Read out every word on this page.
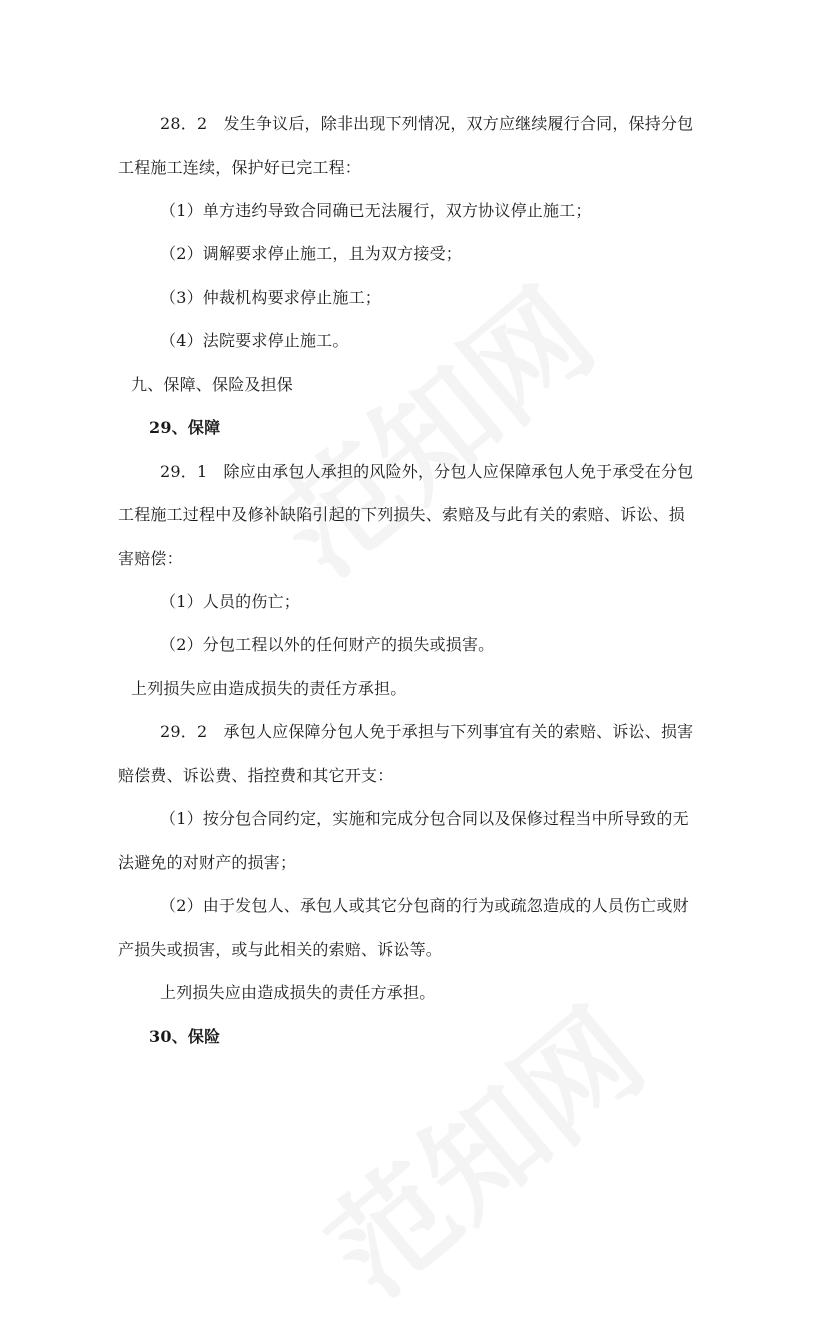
28．2　发生争议后，除非出现下列情况，双方应继续履行合同，保持分包
工程施工连续，保护好已完工程：
（1）单方违约导致合同确已无法履行，双方协议停止施工；
（2）调解要求停止施工，且为双方接受；
（3）仲裁机构要求停止施工；
（4）法院要求停止施工。
九、保障、保险及担保
29、保障
29．1　除应由承包人承担的风险外，分包人应保障承包人免于承受在分包
工程施工过程中及修补缺陷引起的下列损失、索赔及与此有关的索赔、诉讼、损
害赔偿：
（1）人员的伤亡；
（2）分包工程以外的任何财产的损失或损害。
上列损失应由造成损失的责任方承担。
29．2　承包人应保障分包人免于承担与下列事宜有关的索赔、诉讼、损害
赔偿费、诉讼费、指控费和其它开支：
（1）按分包合同约定，实施和完成分包合同以及保修过程当中所导致的无
法避免的对财产的损害；
（2）由于发包人、承包人或其它分包商的行为或疏忽造成的人员伤亡或财
产损失或损害，或与此相关的索赔、诉讼等。
上列损失应由造成损失的责任方承担。
30、保险
